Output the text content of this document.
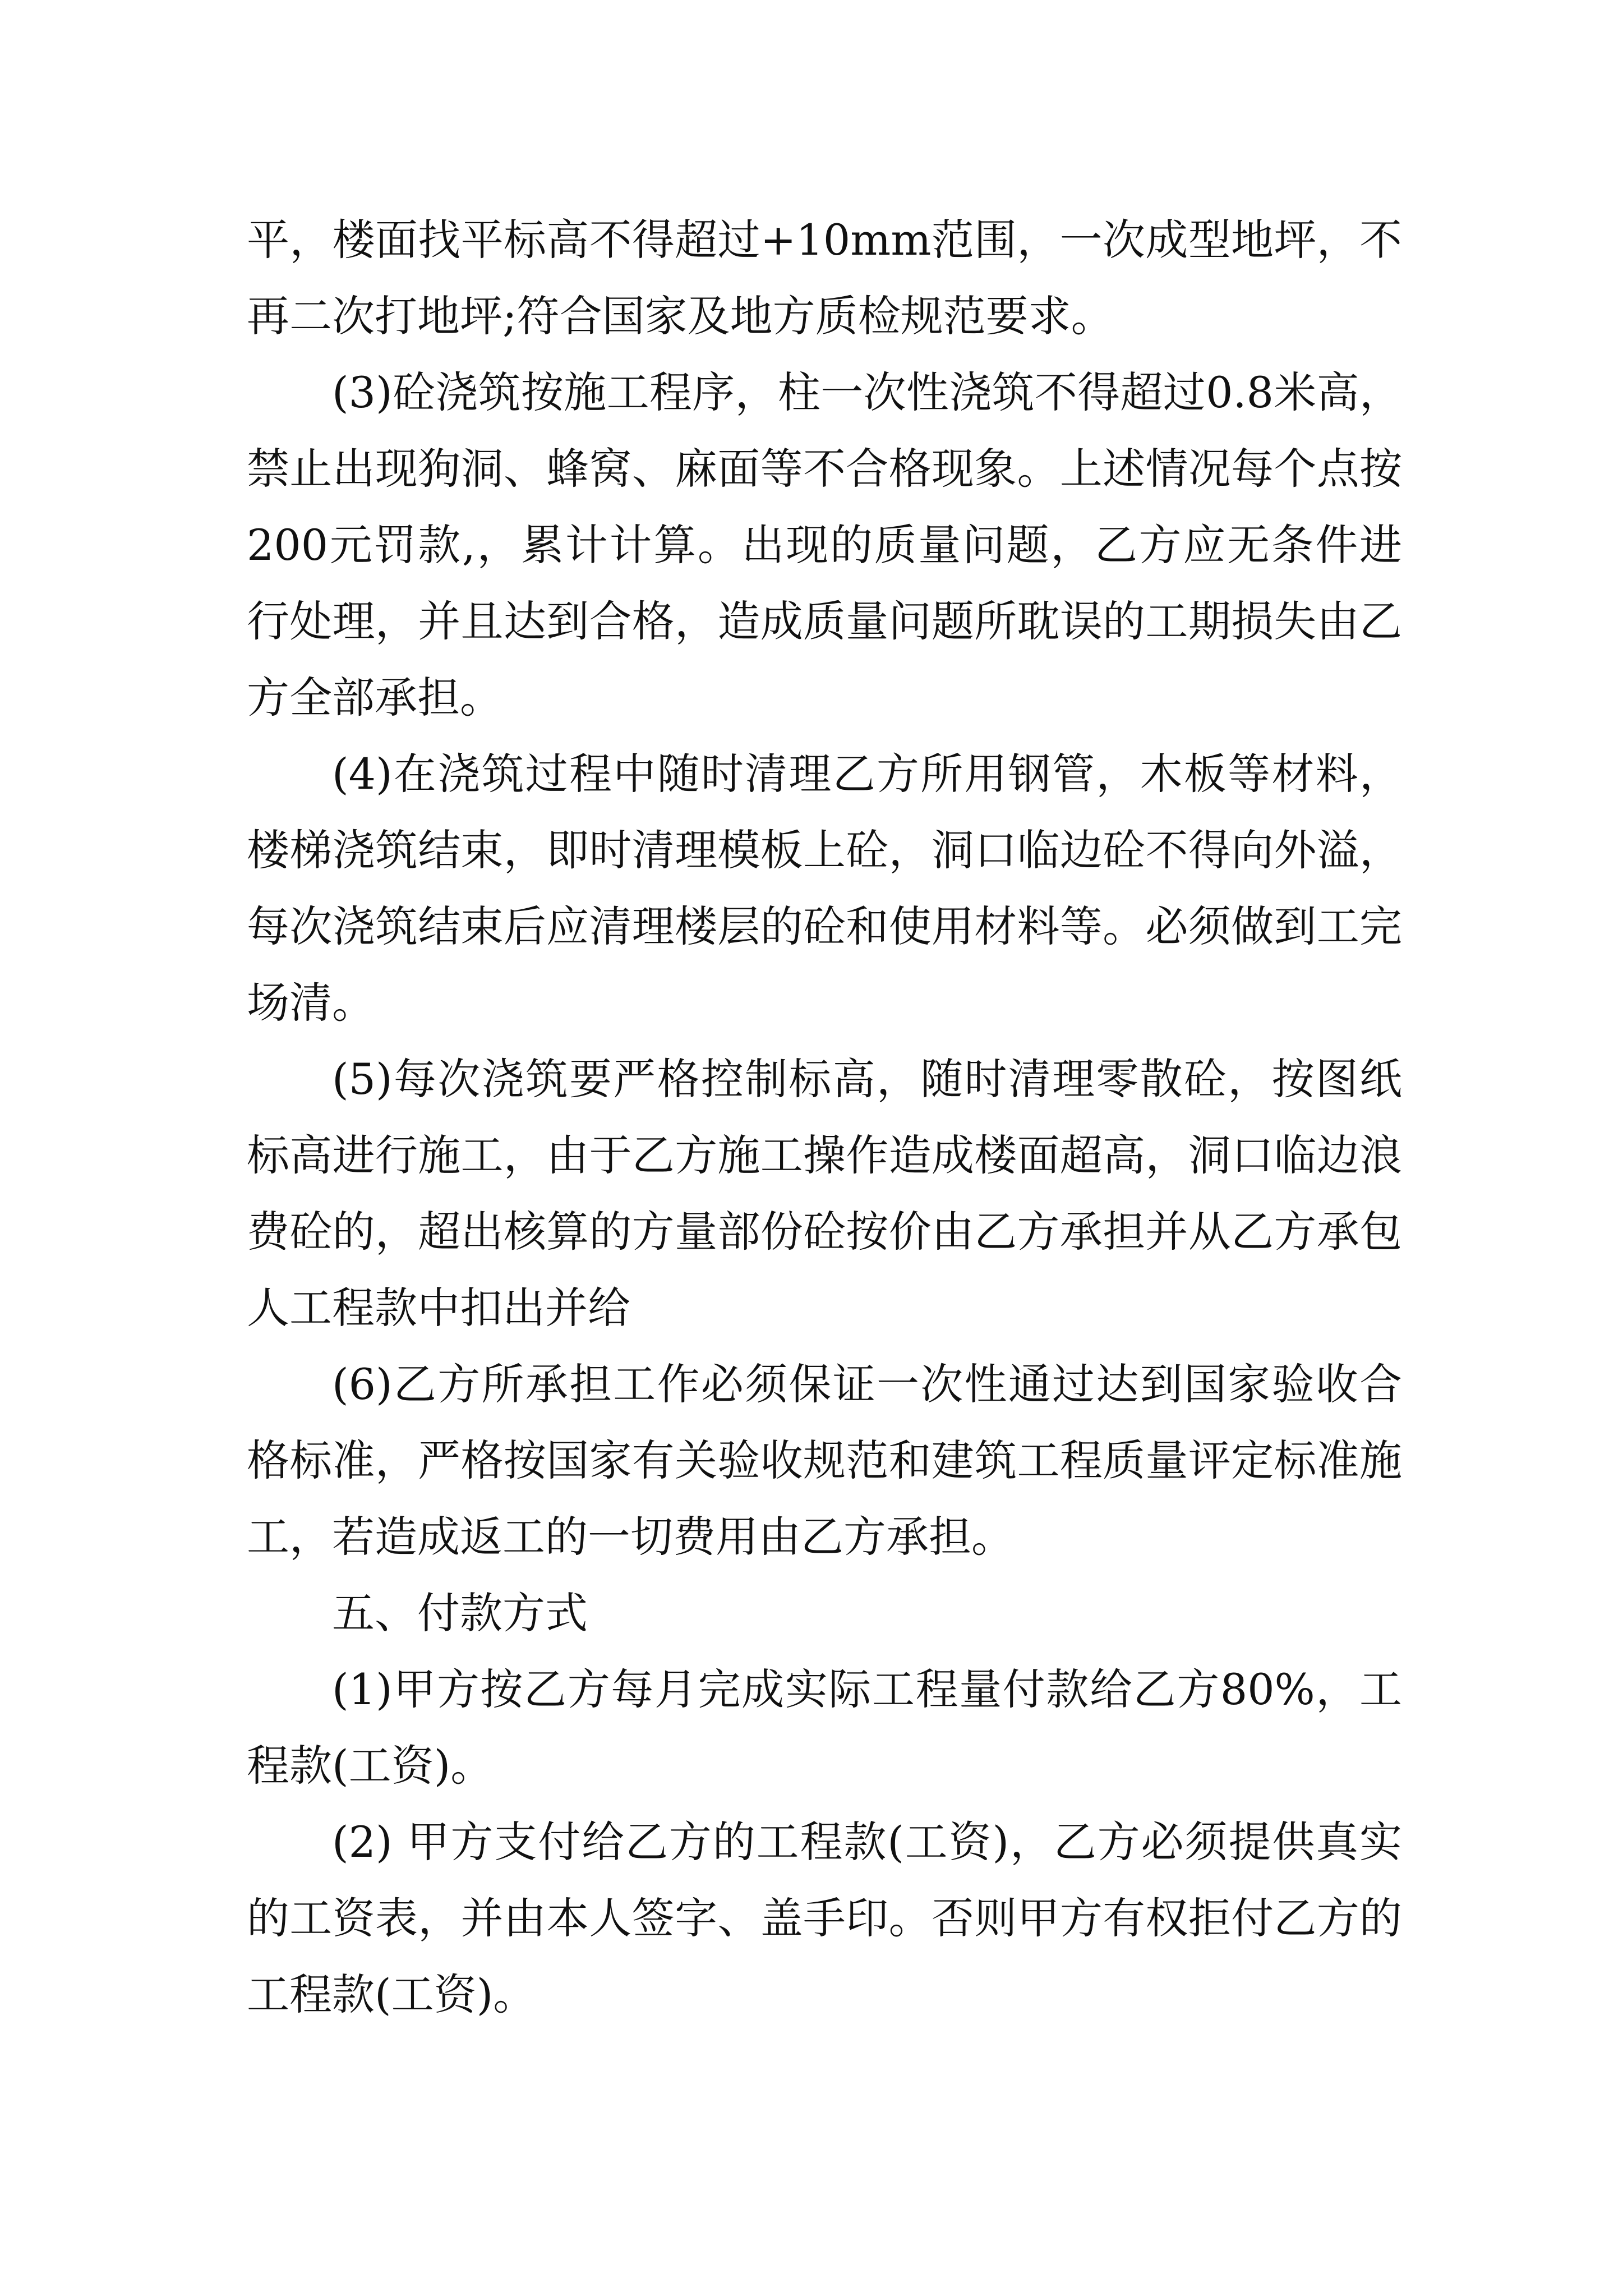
平，楼面找平标高不得超过+10mm范围，一次成型地坪，不再二次打地坪;符合国家及地方质检规范要求。

(3)砼浇筑按施工程序，柱一次性浇筑不得超过0.8米高，禁止出现狗洞、蜂窝、麻面等不合格现象。上述情况每个点按200元罚款,，累计计算。出现的质量问题，乙方应无条件进行处理，并且达到合格，造成质量问题所耽误的工期损失由乙方全部承担。

(4)在浇筑过程中随时清理乙方所用钢管，木板等材料，楼梯浇筑结束，即时清理模板上砼，洞口临边砼不得向外溢，每次浇筑结束后应清理楼层的砼和使用材料等。必须做到工完场清。

(5)每次浇筑要严格控制标高，随时清理零散砼，按图纸标高进行施工，由于乙方施工操作造成楼面超高，洞口临边浪费砼的，超出核算的方量部份砼按价由乙方承担并从乙方承包人工程款中扣出并给

(6)乙方所承担工作必须保证一次性通过达到国家验收合格标准，严格按国家有关验收规范和建筑工程质量评定标准施工，若造成返工的一切费用由乙方承担。

五、付款方式

(1)甲方按乙方每月完成实际工程量付款给乙方80%，工程款(工资)。

(2) 甲方支付给乙方的工程款(工资)，乙方必须提供真实的工资表，并由本人签字、盖手印。否则甲方有权拒付乙方的工程款(工资)。
